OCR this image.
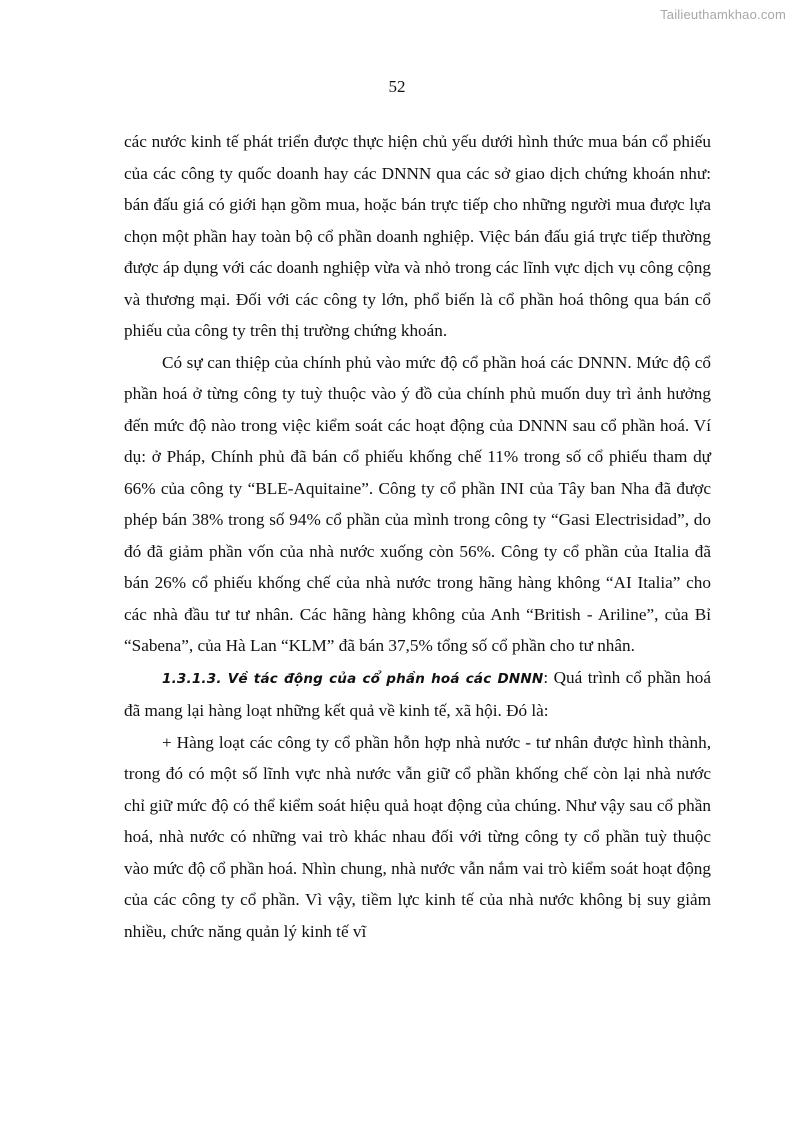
Tailieuthamkhao.com
52

các nước kinh tế phát triển được thực hiện chủ yếu dưới hình thức mua bán cổ phiếu của các công ty quốc doanh hay các DNNN qua các sở giao dịch chứng khoán như: bán đấu giá có giới hạn gồm mua, hoặc bán trực tiếp cho những người mua được lựa chọn một phần hay toàn bộ cổ phần doanh nghiệp. Việc bán đấu giá trực tiếp thường được áp dụng với các doanh nghiệp vừa và nhỏ trong các lĩnh vực dịch vụ công cộng và thương mại. Đối với các công ty lớn, phổ biến là cổ phần hoá thông qua bán cổ phiếu của công ty trên thị trường chứng khoán.

Có sự can thiệp của chính phủ vào mức độ cổ phần hoá các DNNN. Mức độ cổ phần hoá ở từng công ty tuỳ thuộc vào ý đồ của chính phủ muốn duy trì ảnh hưởng đến mức độ nào trong việc kiểm soát các hoạt động của DNNN sau cổ phần hoá. Ví dụ: ở Pháp, Chính phủ đã bán cổ phiếu khống chế 11% trong số cổ phiếu tham dự 66% của công ty “BLE-Aquitaine”. Công ty cổ phần INI của Tây ban Nha đã được phép bán 38% trong số 94% cổ phần của mình trong công ty “Gasi Electrisidad”, do đó đã giảm phần vốn của nhà nước xuống còn 56%. Công ty cổ phần của Italia đã bán 26% cổ phiếu khống chế của nhà nước trong hãng hàng không “AI Italia” cho các nhà đầu tư tư nhân. Các hãng hàng không của Anh “British - Ariline”, của Bỉ “Sabena”, của Hà Lan “KLM” đã bán 37,5% tổng số cổ phần cho tư nhân.

1.3.1.3. Về tác động của cổ phần hoá các DNNN: Quá trình cổ phần hoá đã mang lại hàng loạt những kết quả về kinh tế, xã hội. Đó là:

+ Hàng loạt các công ty cổ phần hỗn hợp nhà nước - tư nhân được hình thành, trong đó có một số lĩnh vực nhà nước vẫn giữ cổ phần khống chế còn lại nhà nước chỉ giữ mức độ có thể kiểm soát hiệu quả hoạt động của chúng. Như vậy sau cổ phần hoá, nhà nước có những vai trò khác nhau đối với từng công ty cổ phần tuỳ thuộc vào mức độ cổ phần hoá. Nhìn chung, nhà nước vẫn nắm vai trò kiểm soát hoạt động của các công ty cổ phần. Vì vậy, tiềm lực kinh tế của nhà nước không bị suy giảm nhiều, chức năng quản lý kinh tế vĩ
